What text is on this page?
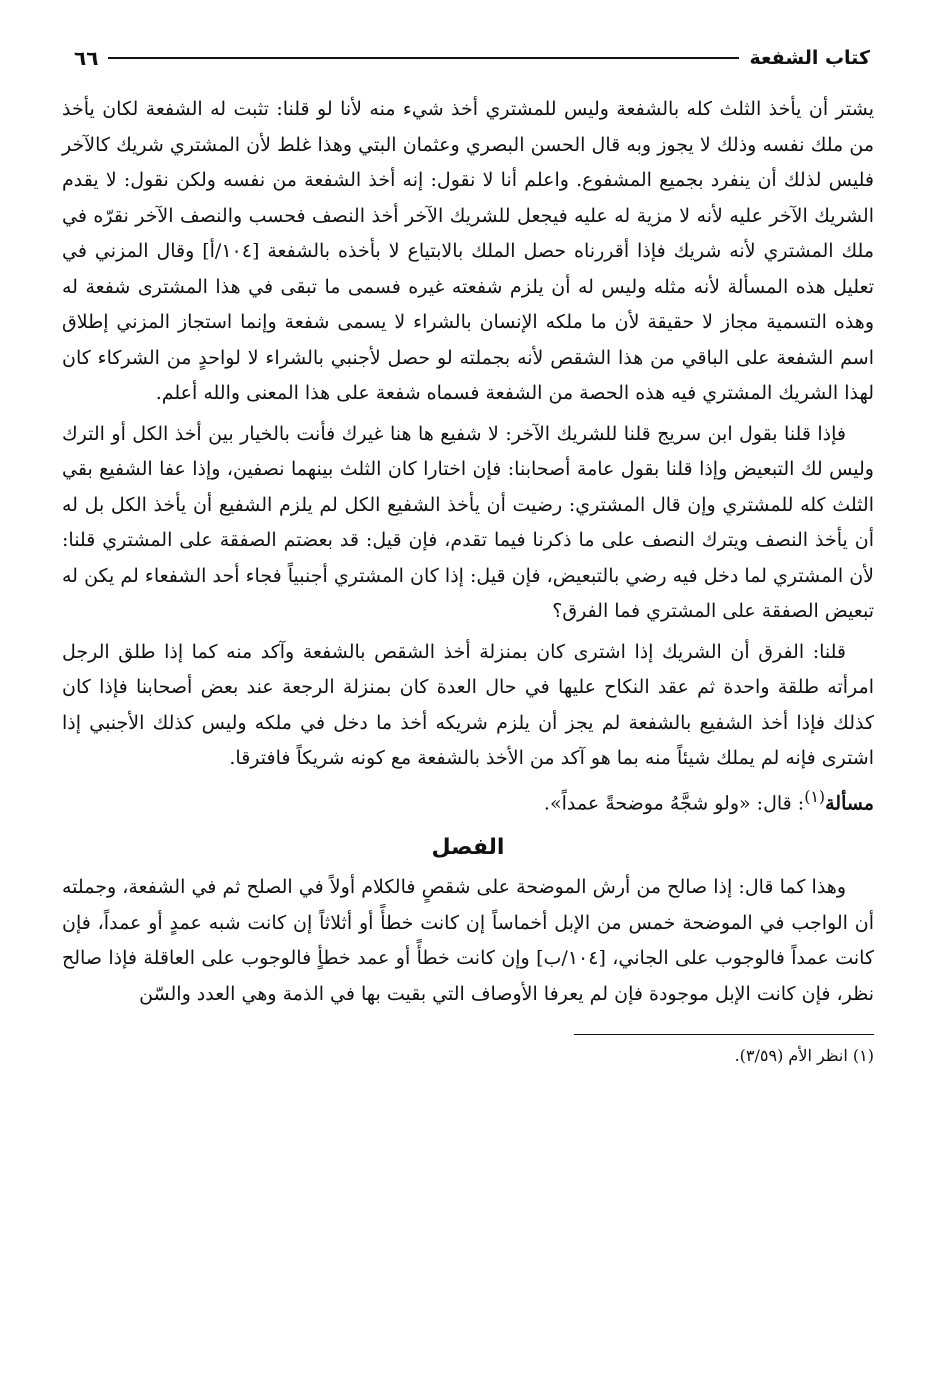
كتاب الشفعة
٦٦

يشتر أن يأخذ الثلث كله بالشفعة وليس للمشتري أخذ شيء منه لأنا لو قلنا: تثبت له الشفعة لكان يأخذ من ملك نفسه وذلك لا يجوز وبه قال الحسن البصري وعثمان البتي وهذا غلط لأن المشتري شريك كالآخر فليس لذلك أن ينفرد بجميع المشفوع. واعلم أنا لا نقول: إنه أخذ الشفعة من نفسه ولكن نقول: لا يقدم الشريك الآخر عليه لأنه لا مزية له عليه فيجعل للشريك الآخر أخذ النصف فحسب والنصف الآخر نقرّه في ملك المشتري لأنه شريك فإذا أقررناه حصل الملك بالابتياع لا بأخذه بالشفعة [١٠٤/أ] وقال المزني في تعليل هذه المسألة لأنه مثله وليس له أن يلزم شفعته غيره فسمى ما تبقى في هذا المشترى شفعة له وهذه التسمية مجاز لا حقيقة لأن ما ملكه الإنسان بالشراء لا يسمى شفعة وإنما استجاز المزني إطلاق اسم الشفعة على الباقي من هذا الشقص لأنه بجملته لو حصل لأجنبي بالشراء لا لواحدٍ من الشركاء كان لهذا الشريك المشتري فيه هذه الحصة من الشفعة فسماه شفعة على هذا المعنى والله أعلم.

فإذا قلنا بقول ابن سريج قلنا للشريك الآخر: لا شفيع ها هنا غيرك فأنت بالخيار بين أخذ الكل أو الترك وليس لك التبعيض وإذا قلنا بقول عامة أصحابنا: فإن اختارا كان الثلث بينهما نصفين، وإذا عفا الشفيع بقي الثلث كله للمشتري وإن قال المشتري: رضيت أن يأخذ الشفيع الكل لم يلزم الشفيع أن يأخذ الكل بل له أن يأخذ النصف ويترك النصف على ما ذكرنا فيما تقدم، فإن قيل: قد بعضتم الصفقة على المشتري قلنا: لأن المشتري لما دخل فيه رضي بالتبعيض، فإن قيل: إذا كان المشتري أجنبياً فجاء أحد الشفعاء لم يكن له تبعيض الصفقة على المشتري فما الفرق؟

قلنا: الفرق أن الشريك إذا اشترى كان بمنزلة أخذ الشقص بالشفعة وآكد منه كما إذا طلق الرجل امرأته طلقة واحدة ثم عقد النكاح عليها في حال العدة كان بمنزلة الرجعة عند بعض أصحابنا فإذا كان كذلك فإذا أخذ الشفيع بالشفعة لم يجز أن يلزم شريكه أخذ ما دخل في ملكه وليس كذلك الأجنبي إذا اشترى فإنه لم يملك شيئاً منه بما هو آكد من الأخذ بالشفعة مع كونه شريكاً فافترقا.

مسألة$^{(١)}$: قال: «ولو شجَّهُ موضحةً عمداً».

الفصل

وهذا كما قال: إذا صالح من أرش الموضحة على شقصٍ فالكلام أولاً في الصلح ثم في الشفعة، وجملته أن الواجب في الموضحة خمس من الإبل أخماساً إن كانت خطأً أو أثلاثاً إن كانت شبه عمدٍ أو عمداً، فإن كانت عمداً فالوجوب على الجاني، [١٠٤/ب] وإن كانت خطأً أو عمد خطأٍ فالوجوب على العاقلة فإذا صالح نظر، فإن كانت الإبل موجودة فإن لم يعرفا الأوصاف التي بقيت بها في الذمة وهي العدد والسّن

(١) انظر الأم (٣/٥٩).
